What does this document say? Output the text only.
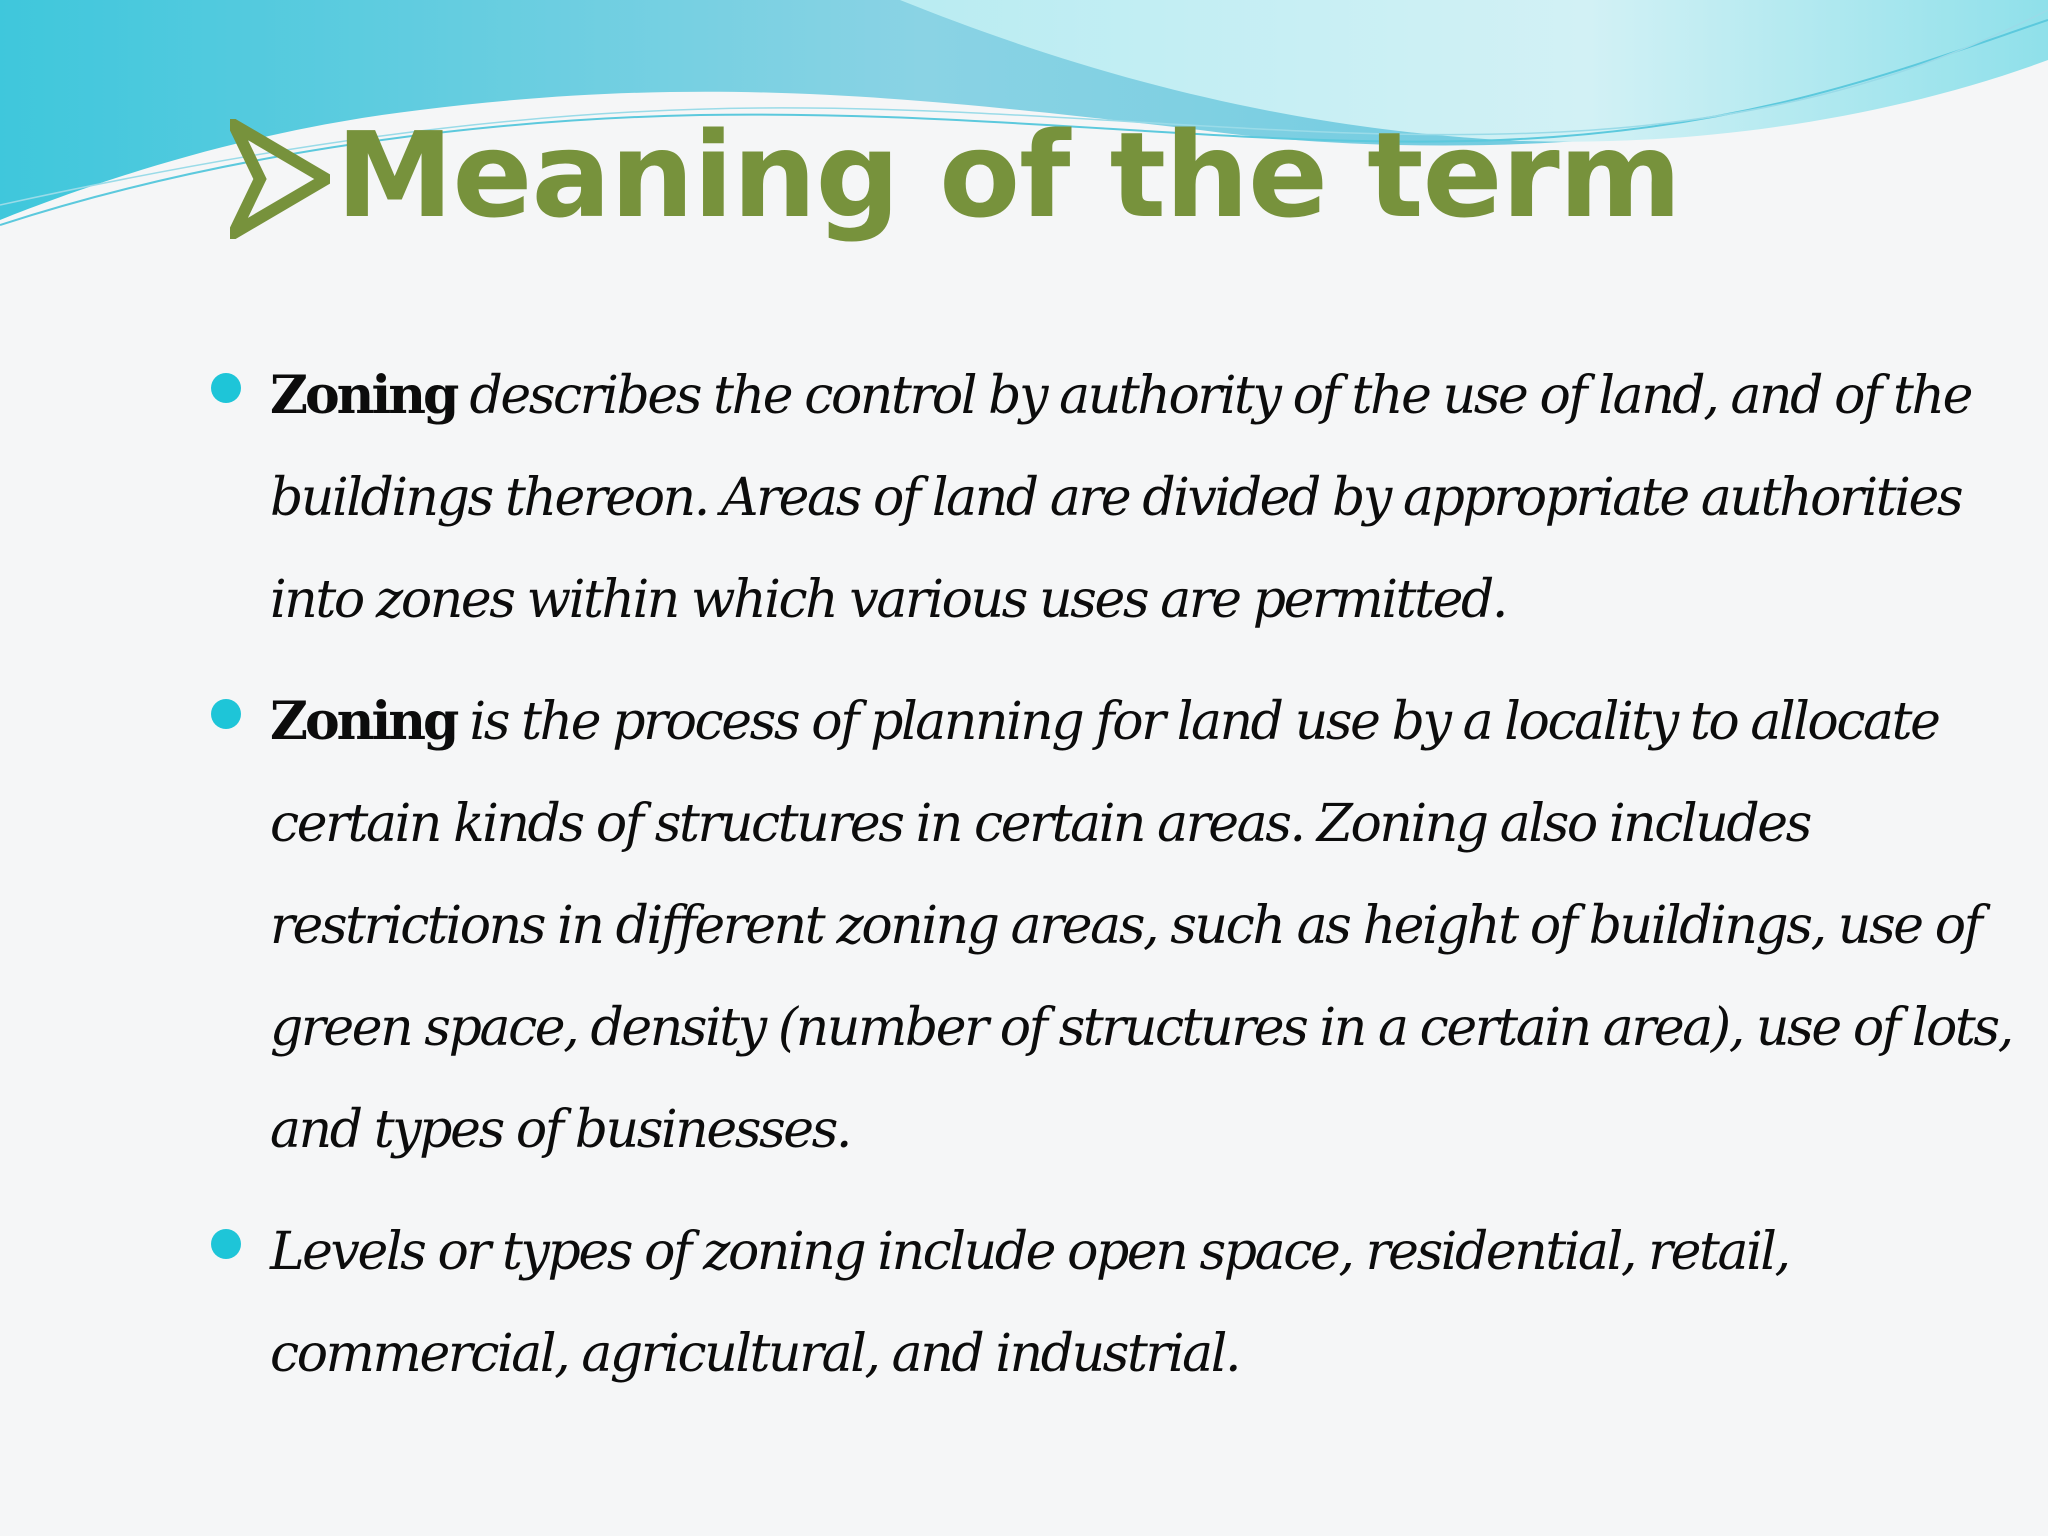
Meaning of the term
Zoning describes the control by authority of the use of land, and of the buildings thereon. Areas of land are divided by appropriate authorities into zones within which various uses are permitted.
Zoning is the process of planning for land use by a locality to allocate certain kinds of structures in certain areas. Zoning also includes restrictions in different zoning areas, such as height of buildings, use of green space, density (number of structures in a certain area), use of lots, and types of businesses.
Levels or types of zoning include open space, residential, retail, commercial, agricultural, and industrial.
